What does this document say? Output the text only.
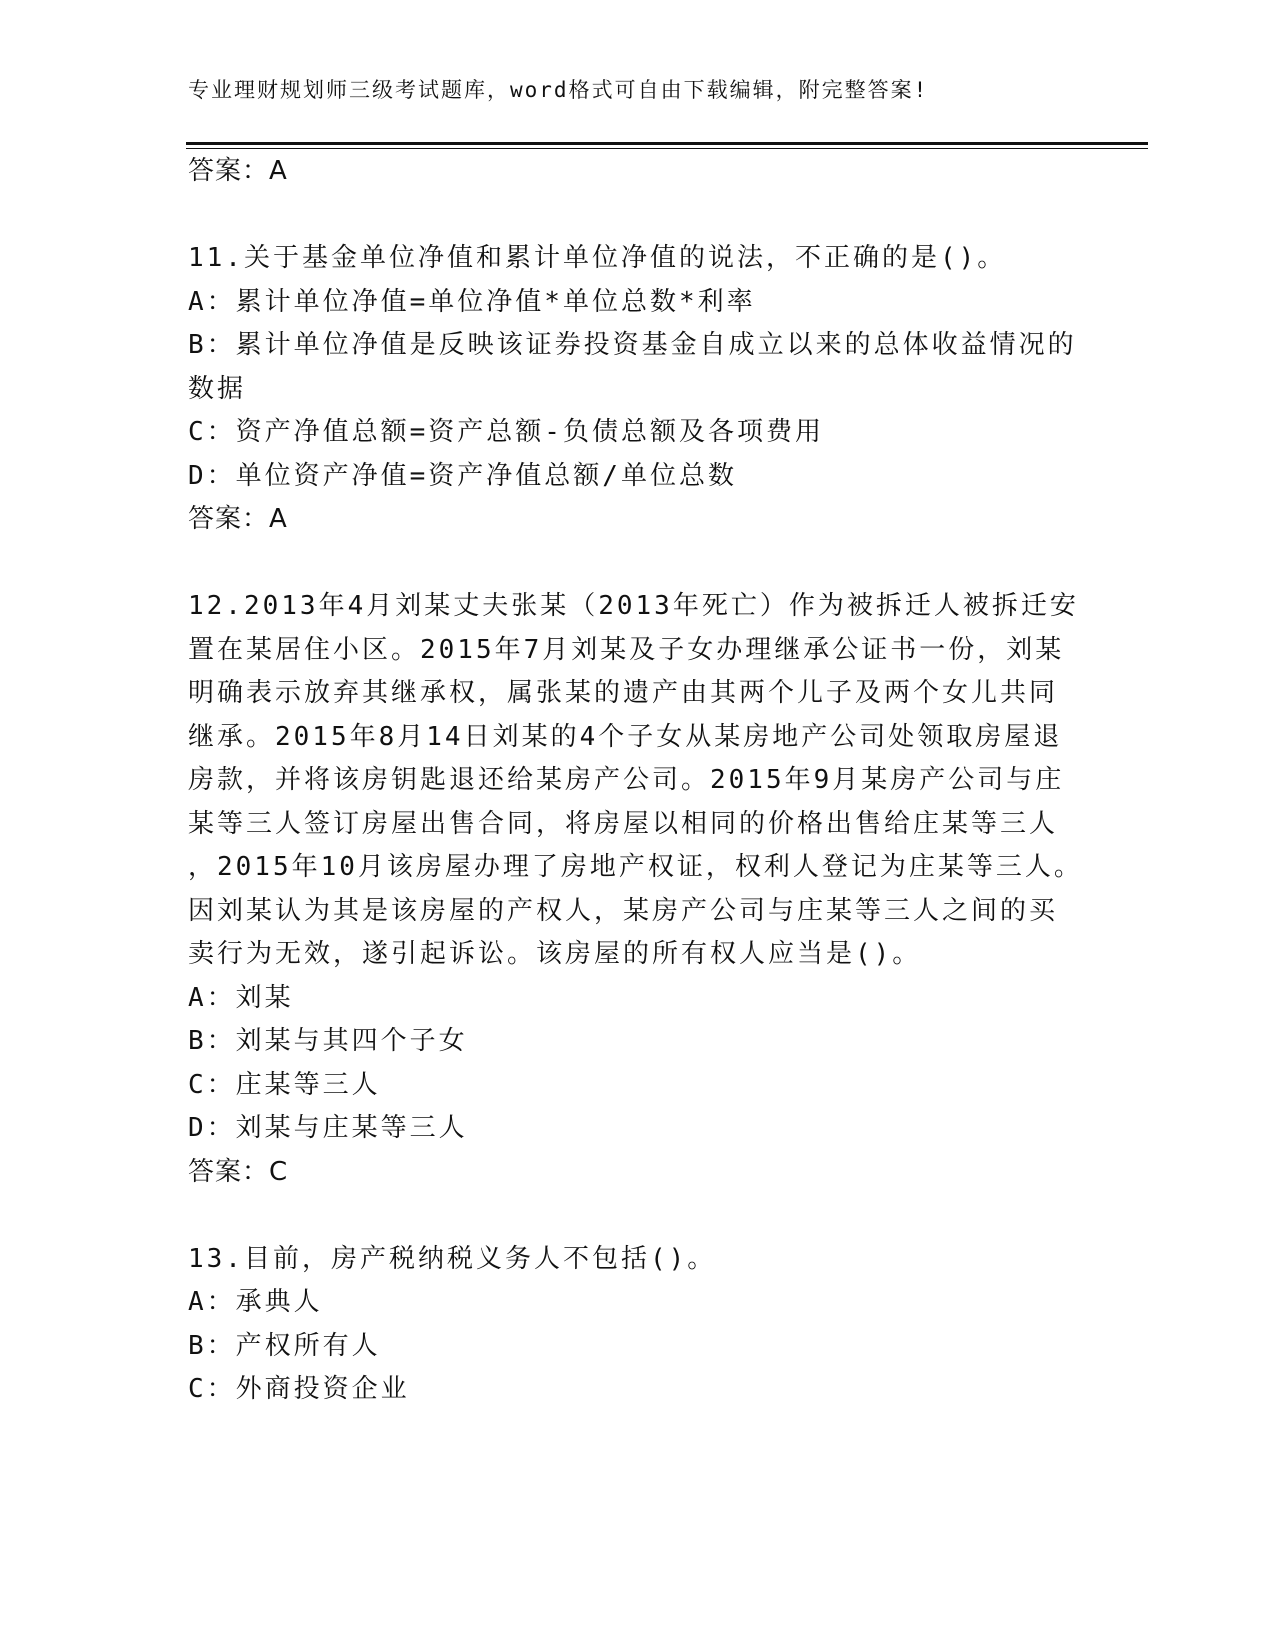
专业理财规划师三级考试题库，word格式可自由下载编辑，附完整答案!
答案：A
11.关于基金单位净值和累计单位净值的说法，不正确的是()。
A：累计单位净值=单位净值*单位总数*利率
B：累计单位净值是反映该证券投资基金自成立以来的总体收益情况的
数据
C：资产净值总额=资产总额-负债总额及各项费用
D：单位资产净值=资产净值总额/单位总数
答案：A
12.2013年4月刘某丈夫张某（2013年死亡）作为被拆迁人被拆迁安
置在某居住小区。2015年7月刘某及子女办理继承公证书一份，刘某
明确表示放弃其继承权，属张某的遗产由其两个儿子及两个女儿共同
继承。2015年8月14日刘某的4个子女从某房地产公司处领取房屋退
房款，并将该房钥匙退还给某房产公司。2015年9月某房产公司与庄
某等三人签订房屋出售合同，将房屋以相同的价格出售给庄某等三人
，2015年10月该房屋办理了房地产权证，权利人登记为庄某等三人。
因刘某认为其是该房屋的产权人，某房产公司与庄某等三人之间的买
卖行为无效，遂引起诉讼。该房屋的所有权人应当是()。
A：刘某
B：刘某与其四个子女
C：庄某等三人
D：刘某与庄某等三人
答案：C
13.目前，房产税纳税义务人不包括()。
A：承典人
B：产权所有人
C：外商投资企业
